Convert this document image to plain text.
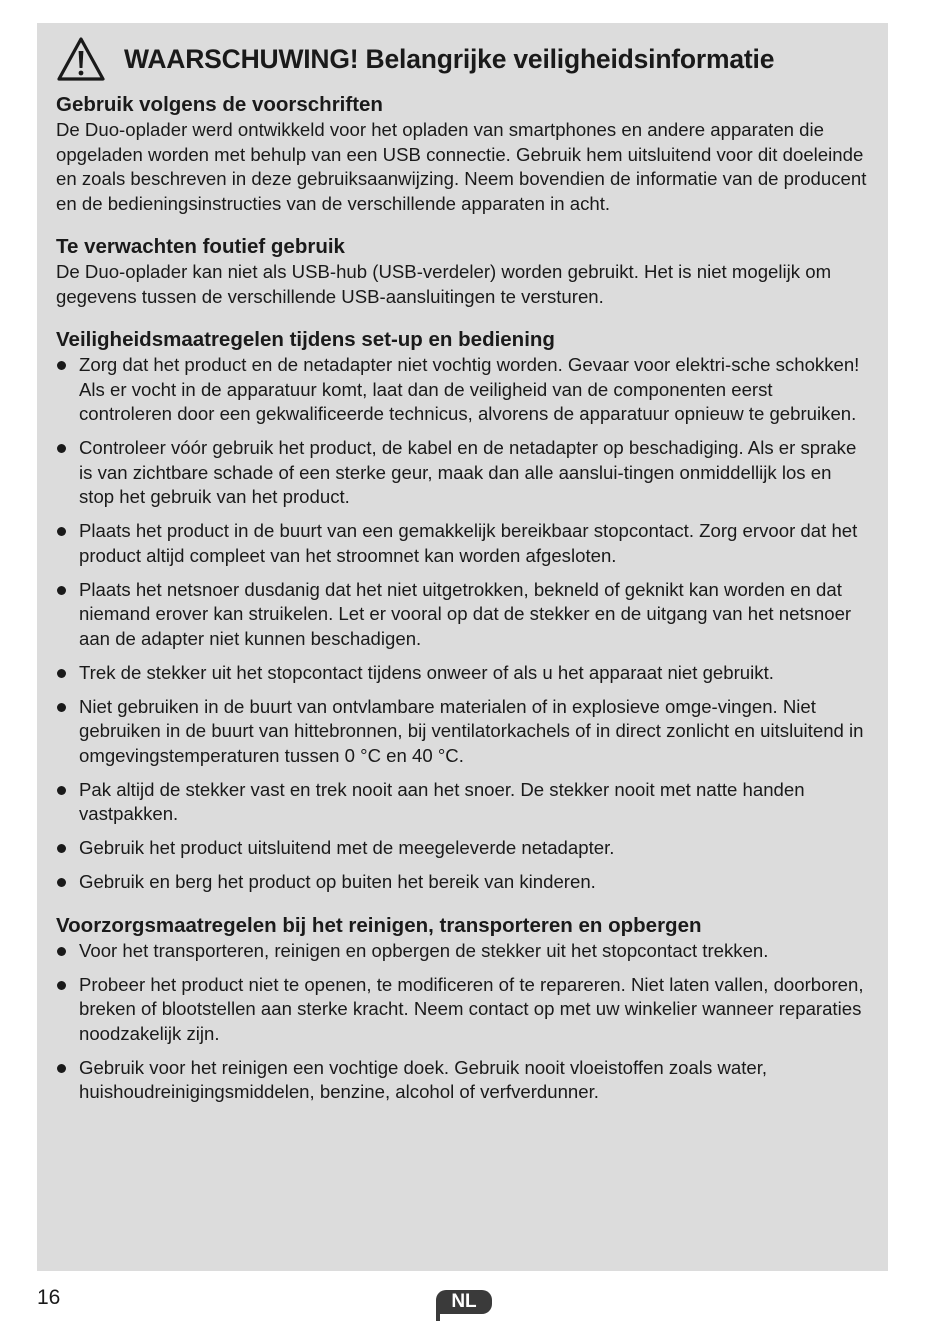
WAARSCHUWING! Belangrijke veiligheidsinformatie
Gebruik volgens de voorschriften

De Duo-oplader werd ontwikkeld voor het opladen van smartphones en andere apparaten die opgeladen worden met behulp van een USB connectie. Gebruik hem uitsluitend voor dit doeleinde en zoals beschreven in deze gebruiksaanwijzing. Neem bovendien de informatie van de producent en de bedieningsinstructies van de verschillende apparaten in acht.

Te verwachten foutief gebruik

De Duo-oplader kan niet als USB-hub (USB-verdeler) worden gebruikt. Het is niet mogelijk om gegevens tussen de verschillende USB-aansluitingen te versturen.

Veiligheidsmaatregelen tijdens set-up en bediening
Zorg dat het product en de netadapter niet vochtig worden. Gevaar voor elektri-sche schokken! Als er vocht in de apparatuur komt, laat dan de veiligheid van de componenten eerst controleren door een gekwalificeerde technicus, alvorens de apparatuur opnieuw te gebruiken.
Controleer vóór gebruik het product, de kabel en de netadapter op beschadiging. Als er sprake is van zichtbare schade of een sterke geur, maak dan alle aanslui-tingen onmiddellijk los en stop het gebruik van het product.
Plaats het product in de buurt van een gemakkelijk bereikbaar stopcontact. Zorg ervoor dat het product altijd compleet van het stroomnet kan worden afgesloten.
Plaats het netsnoer dusdanig dat het niet uitgetrokken, bekneld of geknikt kan worden en dat niemand erover kan struikelen. Let er vooral op dat de stekker en de uitgang van het netsnoer aan de adapter niet kunnen beschadigen.
Trek de stekker uit het stopcontact tijdens onweer of als u het apparaat niet gebruikt.
Niet gebruiken in de buurt van ontvlambare materialen of in explosieve omge-vingen. Niet gebruiken in de buurt van hittebronnen, bij ventilatorkachels of in direct zonlicht en uitsluitend in omgevingstemperaturen tussen 0 °C en 40 °C.
Pak altijd de stekker vast en trek nooit aan het snoer. De stekker nooit met natte handen vastpakken.
Gebruik het product uitsluitend met de meegeleverde netadapter.
Gebruik en berg het product op buiten het bereik van kinderen.
Voorzorgsmaatregelen bij het reinigen, transporteren en opbergen
Voor het transporteren, reinigen en opbergen de stekker uit het stopcontact trekken.
Probeer het product niet te openen, te modificeren of te repareren. Niet laten vallen, doorboren, breken of blootstellen aan sterke kracht. Neem contact op met uw winkelier wanneer reparaties noodzakelijk zijn.
Gebruik voor het reinigen een vochtige doek. Gebruik nooit vloeistoffen zoals water, huishoudreinigingsmiddelen, benzine, alcohol of verfverdunner.
16	NL
